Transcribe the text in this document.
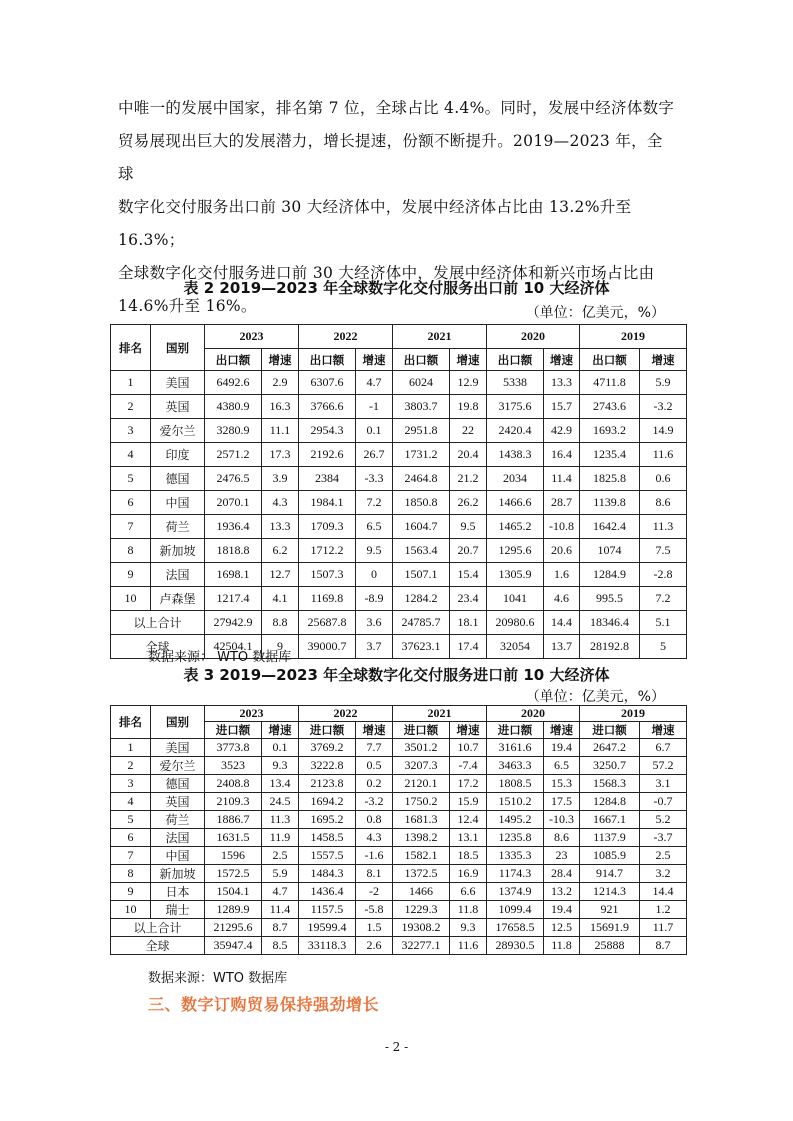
中唯一的发展中国家，排名第 7 位，全球占比 4.4%。同时，发展中经济体数字

贸易展现出巨大的发展潜力，增长提速，份额不断提升。2019—2023 年，全球

数字化交付服务出口前 30 大经济体中，发展中经济体占比由 13.2%升至 16.3%；

全球数字化交付服务进口前 30 大经济体中，发展中经济体和新兴市场占比由

14.6%升至 16%。

表 2 2019—2023 年全球数字化交付服务出口前 10 大经济体
（单位：亿美元，%）
排名	国别	2023		2022		2021		2020		2019	
		出口额	增速	出口额	增速	出口额	增速	出口额	增速	出口额	增速
1	美国	6492.6	2.9	6307.6	4.7	6024	12.9	5338	13.3	4711.8	5.9
2	英国	4380.9	16.3	3766.6	-1	3803.7	19.8	3175.6	15.7	2743.6	-3.2
3	爱尔兰	3280.9	11.1	2954.3	0.1	2951.8	22	2420.4	42.9	1693.2	14.9
4	印度	2571.2	17.3	2192.6	26.7	1731.2	20.4	1438.3	16.4	1235.4	11.6
5	德国	2476.5	3.9	2384	-3.3	2464.8	21.2	2034	11.4	1825.8	0.6
6	中国	2070.1	4.3	1984.1	7.2	1850.8	26.2	1466.6	28.7	1139.8	8.6
7	荷兰	1936.4	13.3	1709.3	6.5	1604.7	9.5	1465.2	-10.8	1642.4	11.3
8	新加坡	1818.8	6.2	1712.2	9.5	1563.4	20.7	1295.6	20.6	1074	7.5
9	法国	1698.1	12.7	1507.3	0	1507.1	15.4	1305.9	1.6	1284.9	-2.8
10	卢森堡	1217.4	4.1	1169.8	-8.9	1284.2	23.4	1041	4.6	995.5	7.2
以上合计		27942.9	8.8	25687.8	3.6	24785.7	18.1	20980.6	14.4	18346.4	5.1
全球		42504.1	9	39000.7	3.7	37623.1	17.4	32054	13.7	28192.8	5
数据来源： WTO 数据库
表 3 2019—2023 年全球数字化交付服务进口前 10 大经济体
（单位：亿美元，%）
排名	国别	2023		2022		2021		2020		2019	
		进口额	增速	进口额	增速	进口额	增速	进口额	增速	进口额	增速
1	美国	3773.8	0.1	3769.2	7.7	3501.2	10.7	3161.6	19.4	2647.2	6.7
2	爱尔兰	3523	9.3	3222.8	0.5	3207.3	-7.4	3463.3	6.5	3250.7	57.2
3	德国	2408.8	13.4	2123.8	0.2	2120.1	17.2	1808.5	15.3	1568.3	3.1
4	英国	2109.3	24.5	1694.2	-3.2	1750.2	15.9	1510.2	17.5	1284.8	-0.7
5	荷兰	1886.7	11.3	1695.2	0.8	1681.3	12.4	1495.2	-10.3	1667.1	5.2
6	法国	1631.5	11.9	1458.5	4.3	1398.2	13.1	1235.8	8.6	1137.9	-3.7
7	中国	1596	2.5	1557.5	-1.6	1582.1	18.5	1335.3	23	1085.9	2.5
8	新加坡	1572.5	5.9	1484.3	8.1	1372.5	16.9	1174.3	28.4	914.7	3.2
9	日本	1504.1	4.7	1436.4	-2	1466	6.6	1374.9	13.2	1214.3	14.4
10	瑞士	1289.9	11.4	1157.5	-5.8	1229.3	11.8	1099.4	19.4	921	1.2
以上合计		21295.6	8.7	19599.4	1.5	19308.2	9.3	17658.5	12.5	15691.9	11.7
全球		35947.4	8.5	33118.3	2.6	32277.1	11.6	28930.5	11.8	25888	8.7
数据来源：WTO 数据库
三、数字订购贸易保持强劲增长
- 2 -
